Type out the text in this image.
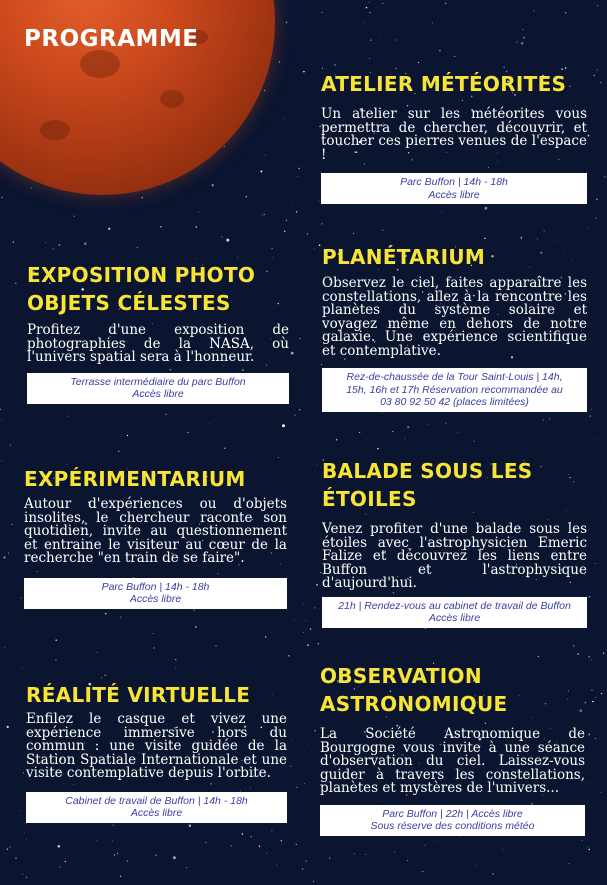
PROGRAMME
ATELIER MÉTÉORITES

Un atelier sur les météorites vous permettra de chercher, découvrir, et toucher ces pierres venues de l'espace !

Parc Buffon | 14h - 18h
Accès libre
EXPOSITION PHOTO
OBJETS CÉLESTES

Profitez d'une exposition de photographies de la NASA, où l'univers spatial sera à l'honneur.

Terrasse intermédiaire du parc Buffon
Accès libre
PLANÉTARIUM

Observez le ciel, faites apparaître les constellations, allez à la rencontre les planètes du système solaire et voyagez même en dehors de notre galaxie. Une expérience scientifique et contemplative.

Rez-de-chaussée de la Tour Saint-Louis | 14h,
15h, 16h et 17h Réservation recommandée au
03 80 92 50 42 (places limitées)
EXPÉRIMENTARIUM

Autour d'expériences ou d'objets insolites, le chercheur raconte son quotidien, invite au questionnement et entraine le visiteur au cœur de la recherche "en train de se faire".

Parc Buffon | 14h - 18h
Accès libre
BALADE SOUS LES
ÉTOILES

Venez profiter d'une balade sous les étoiles avec l'astrophysicien Emeric Falize et découvrez les liens entre Buffon et l'astrophysique d'aujourd'hui.

21h | Rendez-vous au cabinet de travail de Buffon
Accès libre
RÉALITÉ VIRTUELLE

Enfilez le casque et vivez une expérience immersive hors du commun : une visite guidée de la Station Spatiale Internationale et une visite contemplative depuis l'orbite.

Cabinet de travail de Buffon | 14h - 18h
Accès libre
OBSERVATION
ASTRONOMIQUE

La Société Astronomique de Bourgogne vous invite à une séance d'observation du ciel. Laissez-vous guider à travers les constellations, planètes et mystères de l'univers...

Parc Buffon | 22h | Accès libre
Sous réserve des conditions météo
